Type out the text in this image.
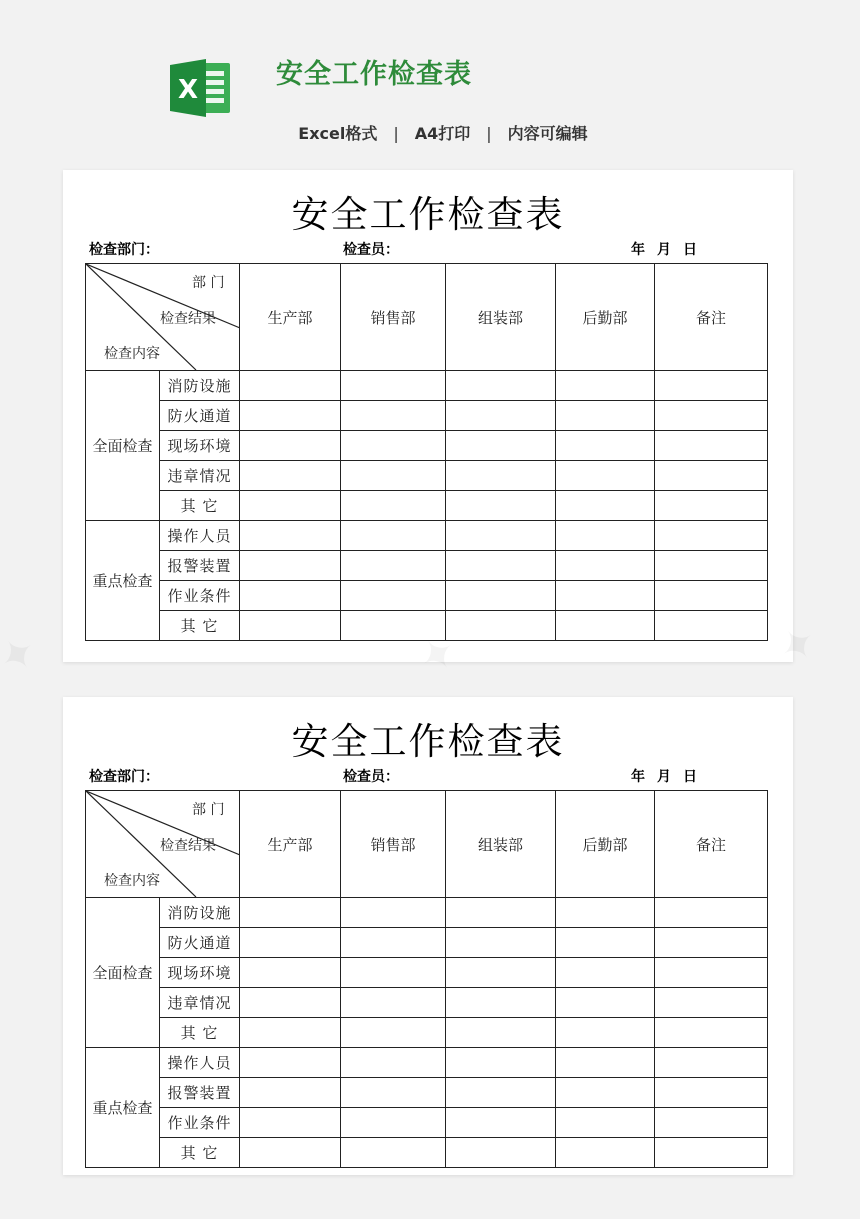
X	安全工作检查表

Excel格式 | A4打印 | 内容可编辑

安全工作检查表
检查部门：	检查员：	年 月 日
部 门
检查结果
检查内容		生产部	销售部	组装部	后勤部	备注
全面检查	消防设施					
	防火通道					
	现场环境					
	违章情况					
	其 它					
重点检查	操作人员					
	报警装置					
	作业条件					
	其 它					
安全工作检查表
检查部门：	检查员：	年 月 日
部 门
检查结果
检查内容		生产部	销售部	组装部	后勤部	备注
全面检查	消防设施					
	防火通道					
	现场环境					
	违章情况					
	其 它					
重点检查	操作人员					
	报警装置					
	作业条件					
	其 它					
